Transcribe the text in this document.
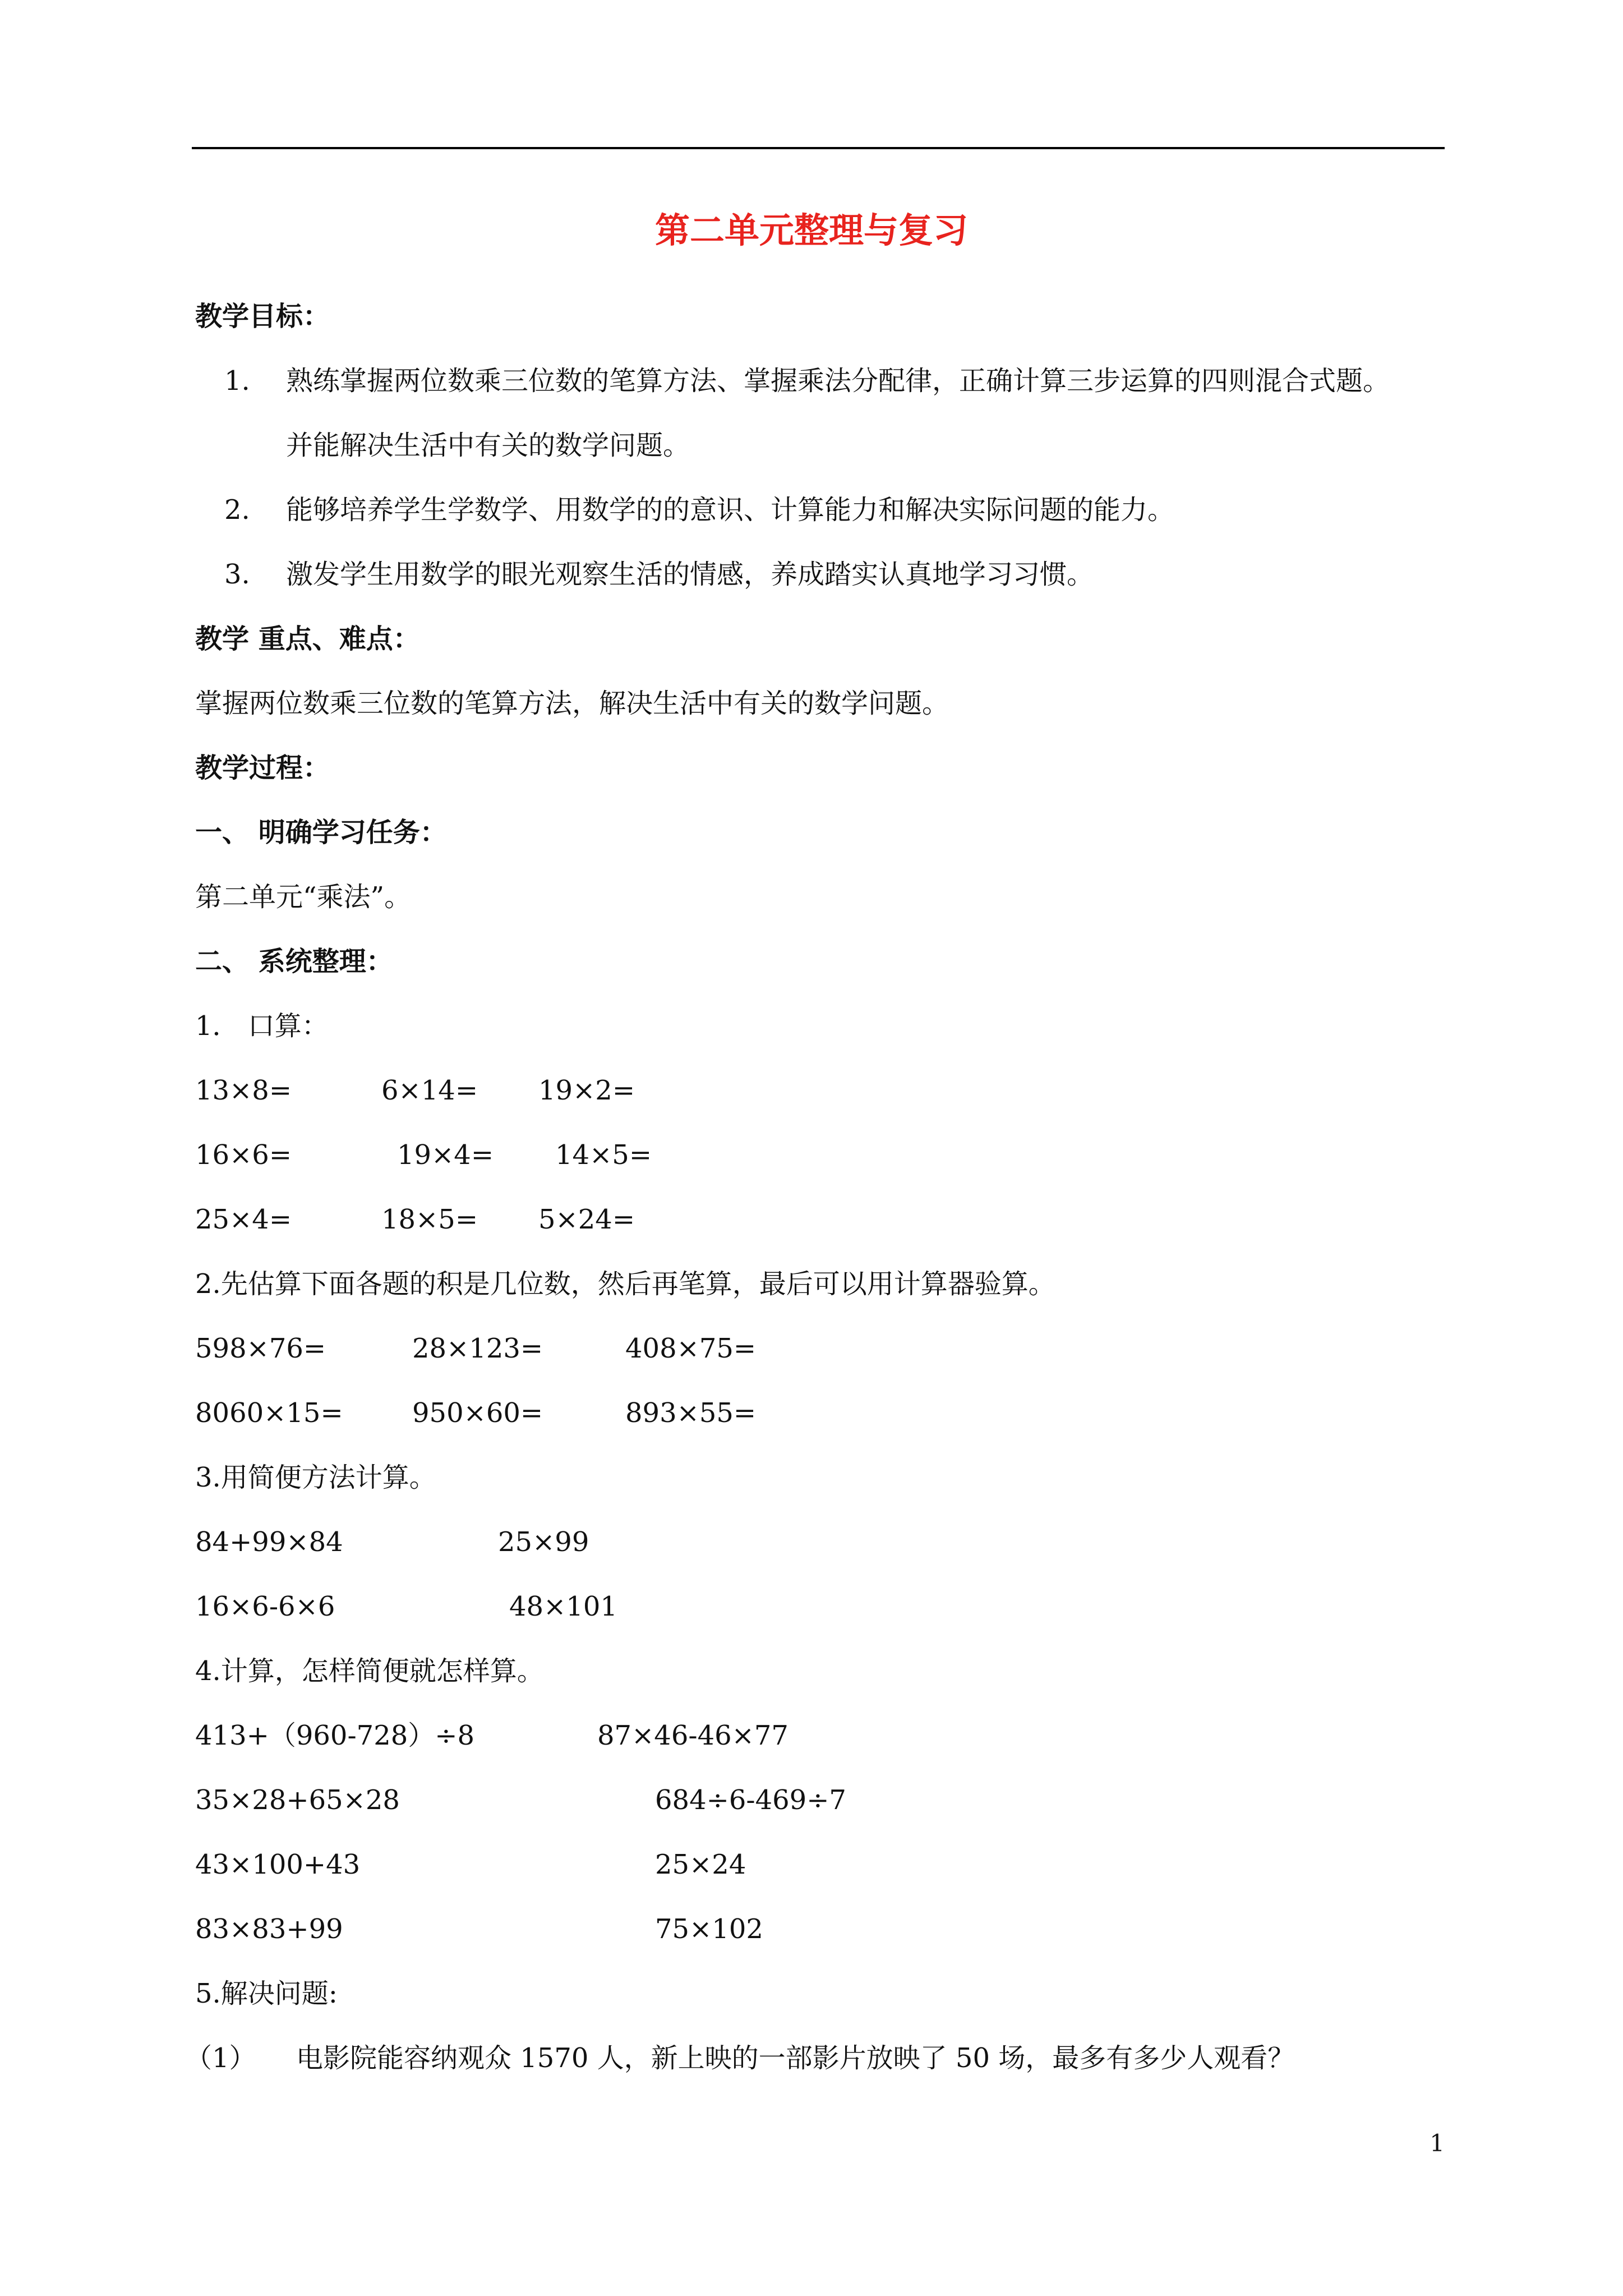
第二单元整理与复习
教学目标：
1. 熟练掌握两位数乘三位数的笔算方法、掌握乘法分配律，正确计算三步运算的四则混合式题。
并能解决生活中有关的数学问题。
2. 能够培养学生学数学、用数学的的意识、计算能力和解决实际问题的能力。
3. 激发学生用数学的眼光观察生活的情感，养成踏实认真地学习习惯。
教学 重点、难点：
掌握两位数乘三位数的笔算方法，解决生活中有关的数学问题。
教学过程：
一、 明确学习任务：
第二单元“乘法”。
二、 系统整理：
1． 口算：
13×8=	6×14= 19×2=
16×6=	19×4= 14×5=
25×4=	18×5= 5×24=
2.先估算下面各题的积是几位数，然后再笔算，最后可以用计算器验算。
598×76=	28×123=	408×75=
8060×15=	950×60=	893×55=
3.用简便方法计算。
84+99×84	25×99
16×6-6×6	48×101
4.计算，怎样简便就怎样算。
413+（960-728）÷8	87×46-46×77
35×28+65×28	684÷6-469÷7
43×100+43	25×24
83×83+99	75×102
5.解决问题:
（1） 电影院能容纳观众 1570 人，新上映的一部影片放映了 50 场，最多有多少人观看？
1
